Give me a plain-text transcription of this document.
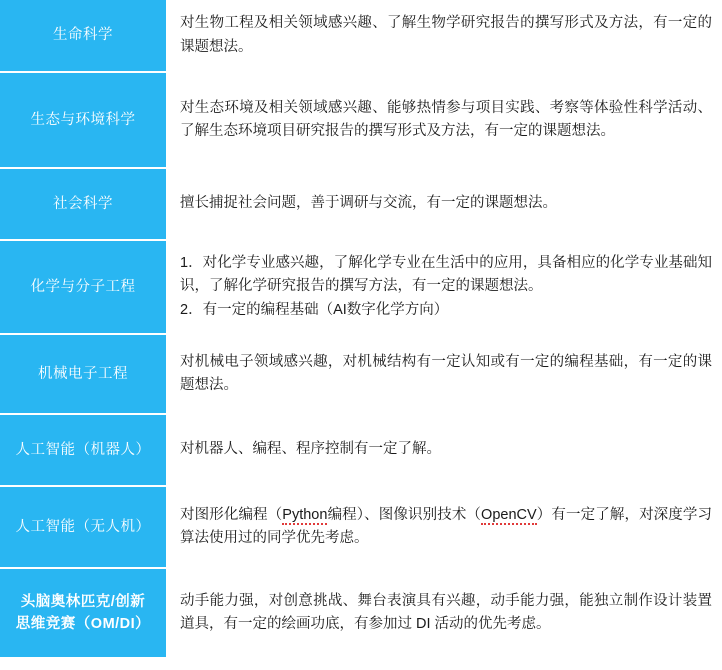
生命科学	对生物工程及相关领域感兴趣、了解生物学研究报告的撰写形式及方法，有一定的课题想法。

生态与环境科学	对生态环境及相关领域感兴趣、能够热情参与项目实践、考察等体验性科学活动、了解生态环境项目研究报告的撰写形式及方法，有一定的课题想法。

社会科学	擅长捕捉社会问题，善于调研与交流，有一定的课题想法。

化学与分子工程	1．对化学专业感兴趣，了解化学专业在生活中的应用，具备相应的化学专业基础知识，了解化学研究报告的撰写方法，有一定的课题想法。

2．有一定的编程基础（AI数字化学方向）

机械电子工程	对机械电子领域感兴趣，对机械结构有一定认知或有一定的编程基础，有一定的课题想法。

人工智能（机器人）	对机器人、编程、程序控制有一定了解。

人工智能（无人机）	对图形化编程（Python编程）、图像识别技术（OpenCV）有一定了解，对深度学习算法使用过的同学优先考虑。

头脑奥林匹克/创新
思维竞赛（OM/DI）	动手能力强，对创意挑战、舞台表演具有兴趣，动手能力强，能独立制作设计装置道具，有一定的绘画功底，有参加过 DI 活动的优先考虑。
